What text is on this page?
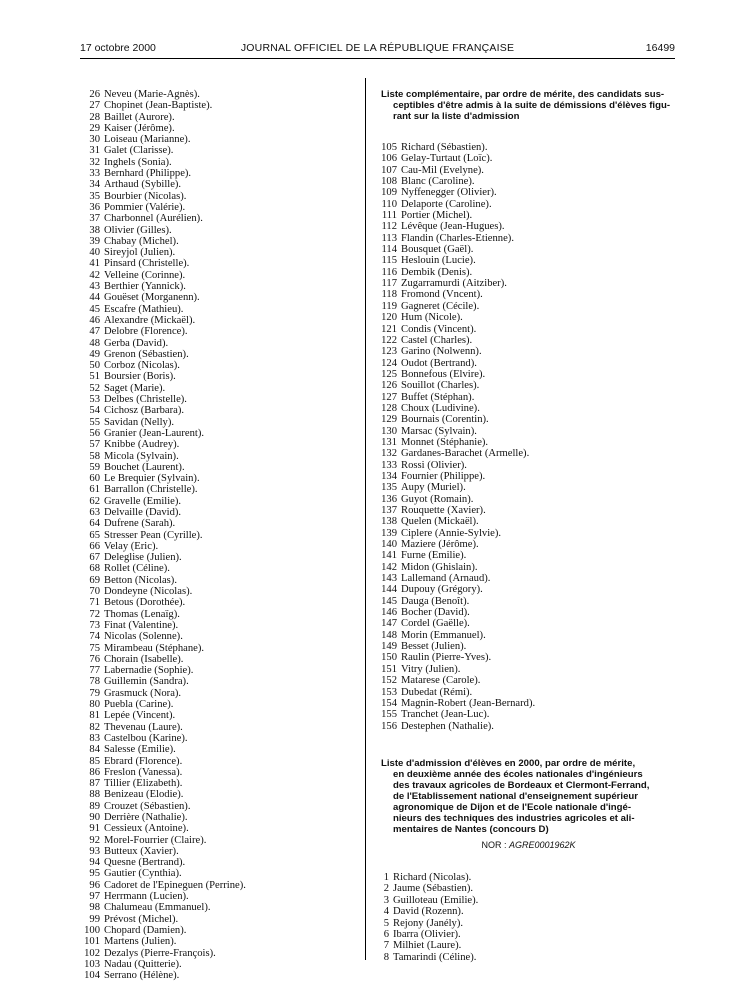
17 octobre 2000	JOURNAL OFFICIEL DE LA RÉPUBLIQUE FRANÇAISE	16499
26 Neveu (Marie-Agnès).
27 Chopinet (Jean-Baptiste).
28 Baillet (Aurore).
29 Kaiser (Jérôme).
30 Loiseau (Marianne).
31 Galet (Clarisse).
32 Inghels (Sonia).
33 Bernhard (Philippe).
34 Arthaud (Sybille).
35 Bourbier (Nicolas).
36 Pommier (Valérie).
37 Charbonnel (Aurélien).
38 Olivier (Gilles).
39 Chabay (Michel).
40 Sireyjol (Julien).
41 Pinsard (Christelle).
42 Velleine (Corinne).
43 Berthier (Yannick).
44 Gouëset (Morganenn).
45 Escafre (Mathieu).
46 Alexandre (Mickaël).
47 Delobre (Florence).
48 Gerba (David).
49 Grenon (Sébastien).
50 Corboz (Nicolas).
51 Boursier (Boris).
52 Saget (Marie).
53 Delbes (Christelle).
54 Cichosz (Barbara).
55 Savidan (Nelly).
56 Granier (Jean-Laurent).
57 Knibbe (Audrey).
58 Micola (Sylvain).
59 Bouchet (Laurent).
60 Le Brequier (Sylvain).
61 Barrallon (Christelle).
62 Gravelle (Emilie).
63 Delvaille (David).
64 Dufrene (Sarah).
65 Stresser Pean (Cyrille).
66 Velay (Eric).
67 Deleglise (Julien).
68 Rollet (Céline).
69 Betton (Nicolas).
70 Dondeyne (Nicolas).
71 Betous (Dorothée).
72 Thomas (Lenaïg).
73 Finat (Valentine).
74 Nicolas (Solenne).
75 Mirambeau (Stéphane).
76 Chorain (Isabelle).
77 Labernadie (Sophie).
78 Guillemin (Sandra).
79 Grasmuck (Nora).
80 Puebla (Carine).
81 Lepée (Vincent).
82 Thevenau (Laure).
83 Castelbou (Karine).
84 Salesse (Emilie).
85 Ebrard (Florence).
86 Freslon (Vanessa).
87 Tillier (Elizabeth).
88 Benizeau (Elodie).
89 Crouzet (Sébastien).
90 Derrière (Nathalie).
91 Cessieux (Antoine).
92 Morel-Fourrier (Claire).
93 Butteux (Xavier).
94 Quesne (Bertrand).
95 Gautier (Cynthia).
96 Cadoret de l'Epineguen (Perrine).
97 Herrmann (Lucien).
98 Chalumeau (Emmanuel).
99 Prévost (Michel).
100 Chopard (Damien).
101 Martens (Julien).
102 Dezalys (Pierre-François).
103 Nadau (Quitterie).
104 Serrano (Hélène).
Liste complémentaire, par ordre de mérite, des candidats sus-
ceptibles d'être admis à la suite de démissions d'élèves figu-
rant sur la liste d'admission
105 Richard (Sébastien).
106 Gelay-Turtaut (Loïc).
107 Cau-Mil (Evelyne).
108 Blanc (Caroline).
109 Nyffenegger (Olivier).
110 Delaporte (Caroline).
111 Portier (Michel).
112 Lévêque (Jean-Hugues).
113 Flandin (Charles-Etienne).
114 Bousquet (Gaël).
115 Heslouin (Lucie).
116 Dembik (Denis).
117 Zugarramurdi (Aitziber).
118 Fromond (Vncent).
119 Gagneret (Cécile).
120 Hum (Nicole).
121 Condis (Vincent).
122 Castel (Charles).
123 Garino (Nolwenn).
124 Oudot (Bertrand).
125 Bonnefous (Elvire).
126 Souillot (Charles).
127 Buffet (Stéphan).
128 Choux (Ludivine).
129 Bournais (Corentin).
130 Marsac (Sylvain).
131 Monnet (Stéphanie).
132 Gardanes-Barachet (Armelle).
133 Rossi (Olivier).
134 Fournier (Philippe).
135 Aupy (Muriel).
136 Guyot (Romain).
137 Rouquette (Xavier).
138 Quelen (Mickaël).
139 Ciplere (Annie-Sylvie).
140 Maziere (Jérôme).
141 Furne (Emilie).
142 Midon (Ghislain).
143 Lallemand (Arnaud).
144 Dupouy (Grégory).
145 Dauga (Benoît).
146 Bocher (David).
147 Cordel (Gaëlle).
148 Morin (Emmanuel).
149 Besset (Julien).
150 Raulin (Pierre-Yves).
151 Vitry (Julien).
152 Matarese (Carole).
153 Dubedat (Rémi).
154 Magnin-Robert (Jean-Bernard).
155 Tranchet (Jean-Luc).
156 Destephen (Nathalie).
Liste d'admission d'élèves en 2000, par ordre de mérite,
en deuxième année des écoles nationales d'ingénieurs
des travaux agricoles de Bordeaux et Clermont-Ferrand,
de l'Etablissement national d'enseignement supérieur
agronomique de Dijon et de l'Ecole nationale d'ingé-
nieurs des techniques des industries agricoles et ali-
mentaires de Nantes (concours D)
NOR : AGRE0001962K
1 Richard (Nicolas).
2 Jaume (Sébastien).
3 Guilloteau (Emilie).
4 David (Rozenn).
5 Rejony (Janély).
6 Ibarra (Olivier).
7 Milhiet (Laure).
8 Tamarindi (Céline).
